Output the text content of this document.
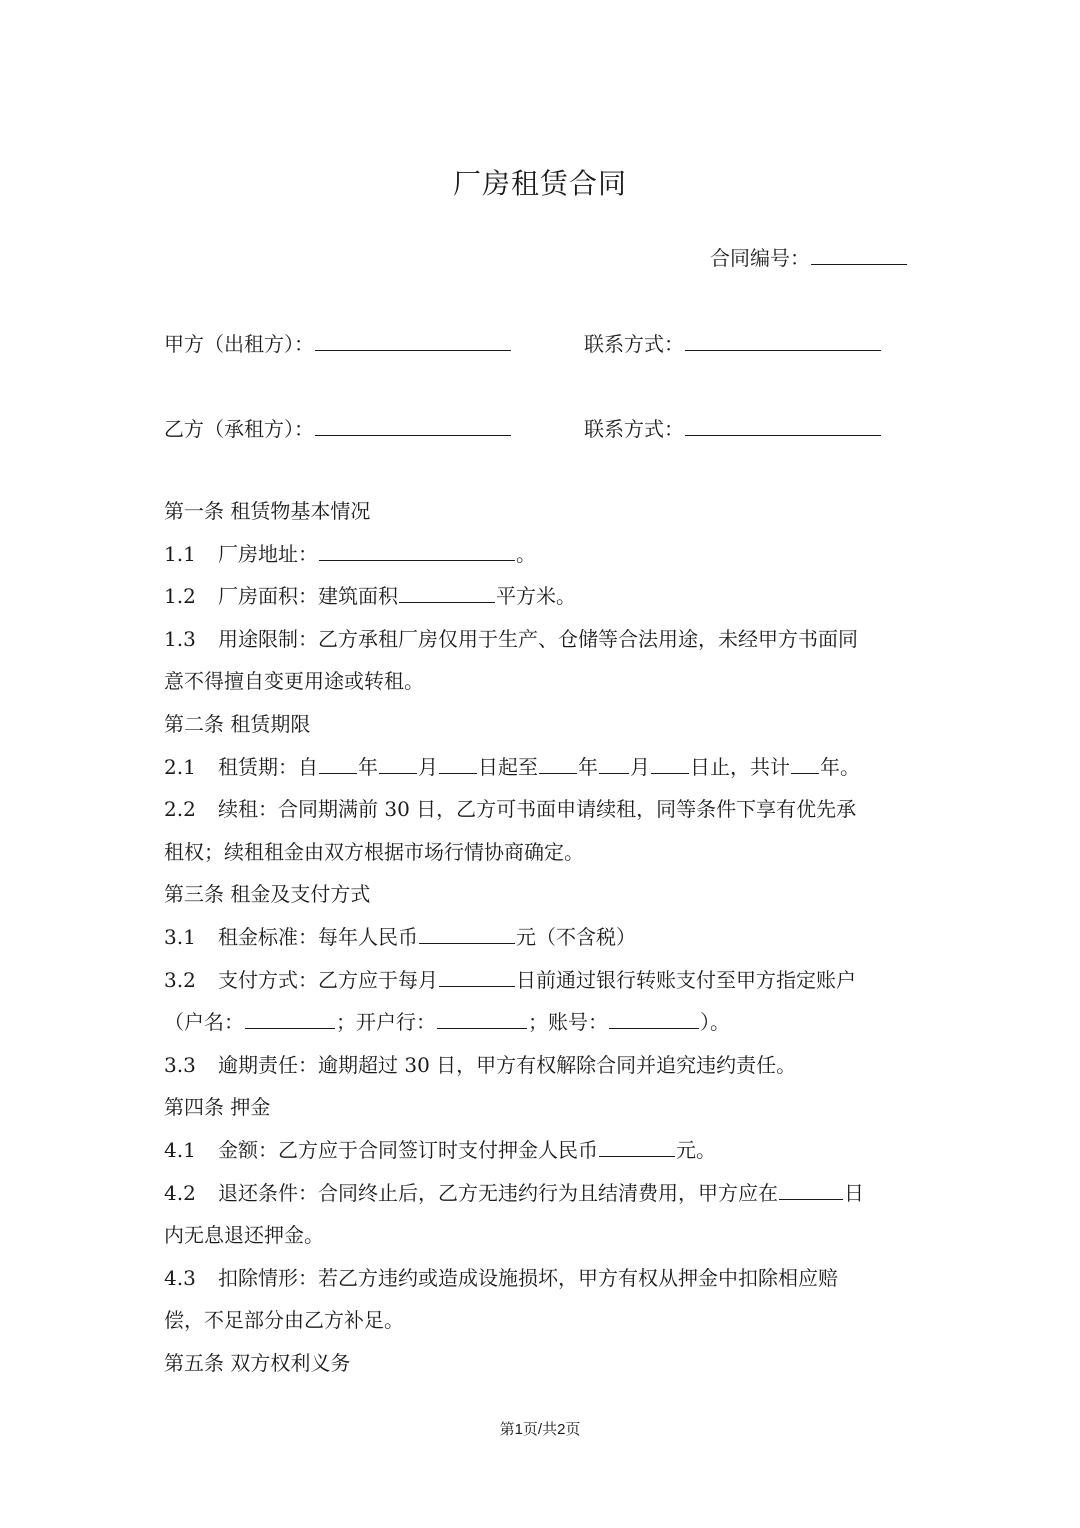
厂房租赁合同
合同编号：
甲方（出租方）：	联系方式：
乙方（承租方）：	联系方式：
第一条 租赁物基本情况
1.1 厂房地址：	。
1.2 厂房面积：建筑面积	平方米。
1.3 用途限制：乙方承租厂房仅用于生产、仓储等合法用途，未经甲方书面同
意不得擅自变更用途或转租。
第二条 租赁期限
2.1 租赁期：自 年 月 日起至 年 月 日止，共计 年。
2.2 续租：合同期满前 30 日，乙方可书面申请续租，同等条件下享有优先承
租权；续租租金由双方根据市场行情协商确定。
第三条 租金及支付方式
3.1 租金标准：每年人民币	元（不含税）
3.2 支付方式：乙方应于每月	日前通过银行转账支付至甲方指定账户
（户名：	；开户行：	；账号：	）。
3.3 逾期责任：逾期超过 30 日，甲方有权解除合同并追究违约责任。
第四条 押金
4.1 金额：乙方应于合同签订时支付押金人民币	元。
4.2 退还条件：合同终止后，乙方无违约行为且结清费用，甲方应在	日
内无息退还押金。
4.3 扣除情形：若乙方违约或造成设施损坏，甲方有权从押金中扣除相应赔
偿，不足部分由乙方补足。
第五条 双方权利义务
第1页/共2页
